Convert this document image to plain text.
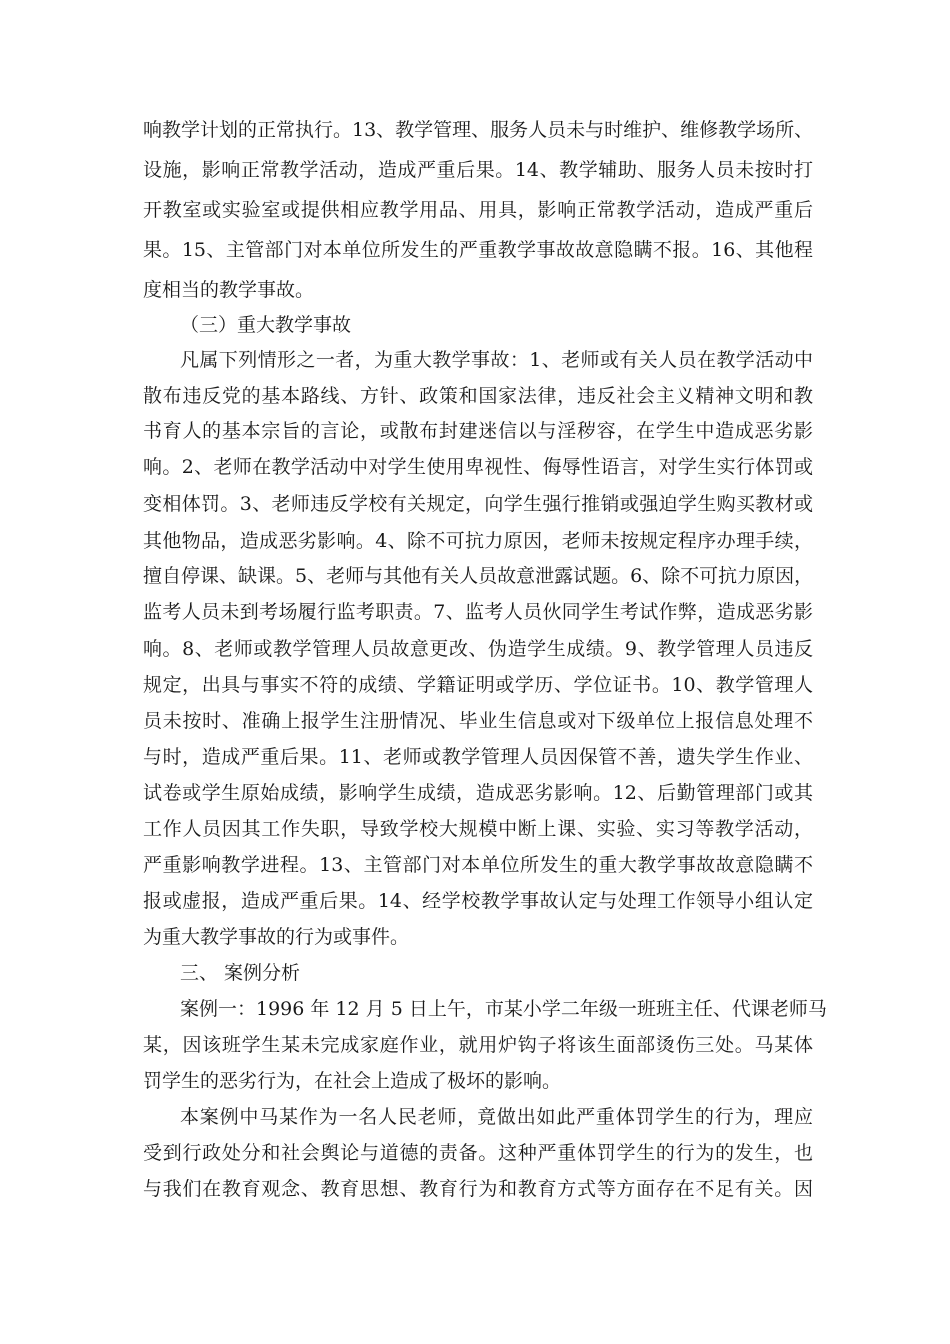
响教学计划的正常执行。13、教学管理、服务人员未与时维护、维修教学场所、
设施，影响正常教学活动，造成严重后果。14、教学辅助、服务人员未按时打
开教室或实验室或提供相应教学用品、用具，影响正常教学活动，造成严重后
果。15、主管部门对本单位所发生的严重教学事故故意隐瞒不报。16、其他程
度相当的教学事故。
（三）重大教学事故
凡属下列情形之一者，为重大教学事故：1、老师或有关人员在教学活动中
散布违反党的基本路线、方针、政策和国家法律，违反社会主义精神文明和教
书育人的基本宗旨的言论，或散布封建迷信以与淫秽容，在学生中造成恶劣影
响。2、老师在教学活动中对学生使用卑视性、侮辱性语言，对学生实行体罚或
变相体罚。3、老师违反学校有关规定，向学生强行推销或强迫学生购买教材或
其他物品，造成恶劣影响。4、除不可抗力原因，老师未按规定程序办理手续，
擅自停课、缺课。5、老师与其他有关人员故意泄露试题。6、除不可抗力原因，
监考人员未到考场履行监考职责。7、监考人员伙同学生考试作弊，造成恶劣影
响。8、老师或教学管理人员故意更改、伪造学生成绩。9、教学管理人员违反
规定，出具与事实不符的成绩、学籍证明或学历、学位证书。10、教学管理人
员未按时、准确上报学生注册情况、毕业生信息或对下级单位上报信息处理不
与时，造成严重后果。11、老师或教学管理人员因保管不善，遗失学生作业、
试卷或学生原始成绩，影响学生成绩，造成恶劣影响。12、后勤管理部门或其
工作人员因其工作失职，导致学校大规模中断上课、实验、实习等教学活动，
严重影响教学进程。13、主管部门对本单位所发生的重大教学事故故意隐瞒不
报或虚报，造成严重后果。14、经学校教学事故认定与处理工作领导小组认定
为重大教学事故的行为或事件。
三、 案例分析
案例一：1996 年 12 月 5 日上午，市某小学二年级一班班主任、代课老师马
某，因该班学生某未完成家庭作业，就用炉钩子将该生面部烫伤三处。马某体
罚学生的恶劣行为，在社会上造成了极坏的影响。
本案例中马某作为一名人民老师，竟做出如此严重体罚学生的行为，理应
受到行政处分和社会舆论与道德的责备。这种严重体罚学生的行为的发生，也
与我们在教育观念、教育思想、教育行为和教育方式等方面存在不足有关。因
